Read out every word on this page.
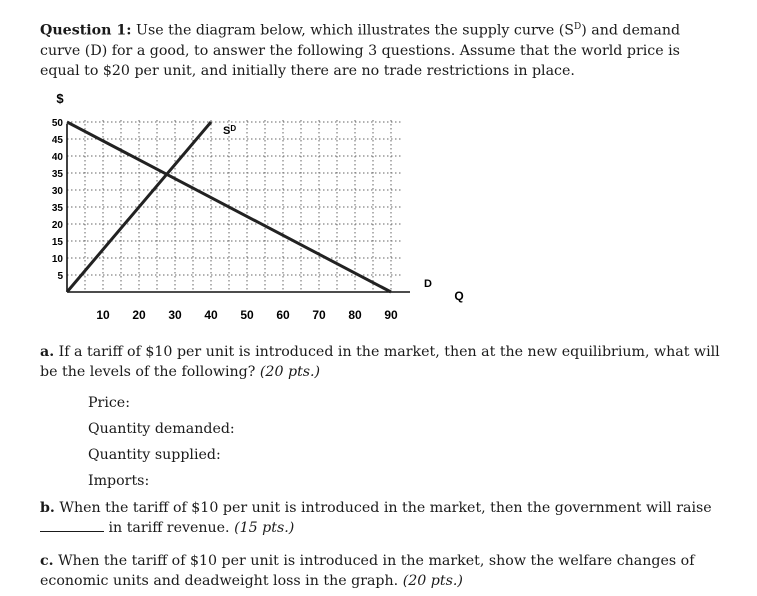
Question 1: Use the diagram below, which illustrates the supply curve $(S^D)$ and demand curve (D) for a good, to answer the following 3 questions. Assume that the world price is equal to $20 per unit, and initially there are no trade restrictions in place.
50
45
40
35
30
35
20
15
10
5
10 20 30 40 50 60 70 80 90
$
Q
$S^D$
D
a. If a tariff of $10 per unit is introduced in the market, then at the new equilibrium, what will be the levels of the following? (20 pts.)
Price:
Quantity demanded:
Quantity supplied:
Imports:
b. When the tariff of $10 per unit is introduced in the market, then the government will raise  in tariff revenue. (15 pts.)
c. When the tariff of $10 per unit is introduced in the market, show the welfare changes of economic units and deadweight loss in the graph. (20 pts.)
